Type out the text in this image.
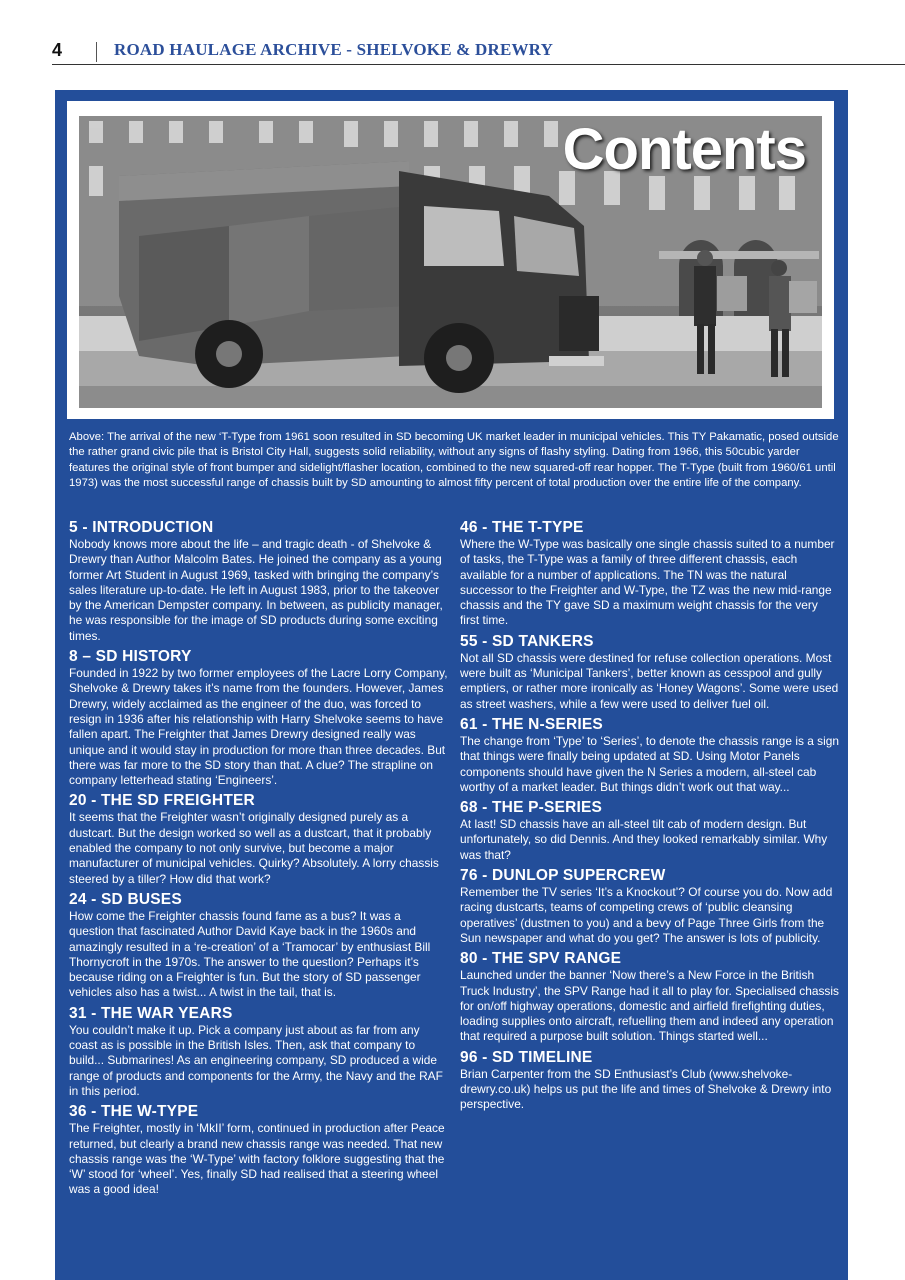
4	ROAD HAULAGE ARCHIVE - SHELVOKE & DREWRY
Contents

Above: The arrival of the new ‘T-Type from 1961 soon resulted in SD becoming UK market leader in municipal vehicles. This TY Pakamatic, posed outside the rather grand civic pile that is Bristol City Hall, suggests solid reliability, without any signs of flashy styling. Dating from 1966, this 50cubic yarder features the original style of front bumper and sidelight/flasher location, combined to the new squared-off rear hopper. The T-Type (built from 1960/61 until 1973) was the most successful range of chassis built by SD amounting to almost fifty percent of total production over the entire life of the company.

5 - INTRODUCTION

Nobody knows more about the life – and tragic death - of Shelvoke & Drewry than Author Malcolm Bates. He joined the company as a young former Art Student in August 1969, tasked with bringing the company’s sales literature up-to-date. He left in August 1983, prior to the takeover by the American Dempster company. In between, as publicity manager, he was responsible for the image of SD products during some exciting times.

8 – SD HISTORY

Founded in 1922 by two former employees of the Lacre Lorry Company, Shelvoke & Drewry takes it’s name from the founders. However, James Drewry, widely acclaimed as the engineer of the duo, was forced to resign in 1936 after his relationship with Harry Shelvoke seems to have fallen apart. The Freighter that James Drewry designed really was unique and it would stay in production for more than three decades. But there was far more to the SD story than that. A clue? The strapline on company letterhead stating ‘Engineers’.

20 - THE SD FREIGHTER

It seems that the Freighter wasn’t originally designed purely as a dustcart. But the design worked so well as a dustcart, that it probably enabled the company to not only survive, but become a major manufacturer of municipal vehicles. Quirky? Absolutely. A lorry chassis steered by a tiller? How did that work?

24 - SD BUSES

How come the Freighter chassis found fame as a bus? It was a question that fascinated Author David Kaye back in the 1960s and amazingly resulted in a ‘re-creation’ of a ‘Tramocar’ by enthusiast Bill Thornycroft in the 1970s. The answer to the question? Perhaps it’s because riding on a Freighter is fun. But the story of SD passenger vehicles also has a twist... A twist in the tail, that is.

31 - THE WAR YEARS

You couldn’t make it up. Pick a company just about as far from any coast as is possible in the British Isles. Then, ask that company to build... Submarines! As an engineering company, SD produced a wide range of products and components for the Army, the Navy and the RAF in this period.

36 - THE W-TYPE

The Freighter, mostly in ‘MkII’ form, continued in production after Peace returned, but clearly a brand new chassis range was needed. That new chassis range was the ‘W-Type’ with factory folklore suggesting that the ‘W’ stood for ‘wheel’. Yes, finally SD had realised that a steering wheel was a good idea!

46 - THE T-TYPE

Where the W-Type was basically one single chassis suited to a number of tasks, the T-Type was a family of three different chassis, each available for a number of applications. The TN was the natural successor to the Freighter and W-Type, the TZ was the new mid-range chassis and the TY gave SD a maximum weight chassis for the very first time.

55 - SD TANKERS

Not all SD chassis were destined for refuse collection operations. Most were built as ‘Municipal Tankers’, better known as cesspool and gully emptiers, or rather more ironically as ‘Honey Wagons’. Some were used as street washers, while a few were used to deliver fuel oil.

61 - THE N-SERIES

The change from ‘Type’ to ‘Series’, to denote the chassis range is a sign that things were finally being updated at SD. Using Motor Panels components should have given the N Series a modern, all-steel cab worthy of a market leader. But things didn’t work out that way...

68 - THE P-SERIES

At last! SD chassis have an all-steel tilt cab of modern design. But unfortunately, so did Dennis. And they looked remarkably similar. Why was that?

76 - DUNLOP SUPERCREW

Remember the TV series ‘It’s a Knockout’? Of course you do. Now add racing dustcarts, teams of competing crews of ‘public cleansing operatives’ (dustmen to you) and a bevy of Page Three Girls from the Sun newspaper and what do you get? The answer is lots of publicity.

80 - THE SPV RANGE

Launched under the banner ‘Now there’s a New Force in the British Truck Industry’, the SPV Range had it all to play for. Specialised chassis for on/off highway operations, domestic and airfield firefighting duties, loading supplies onto aircraft, refuelling them and indeed any operation that required a purpose built solution. Things started well...

96 - SD TIMELINE

Brian Carpenter from the SD Enthusiast’s Club (www.shelvoke-drewry.co.uk) helps us put the life and times of Shelvoke & Drewry into perspective.
